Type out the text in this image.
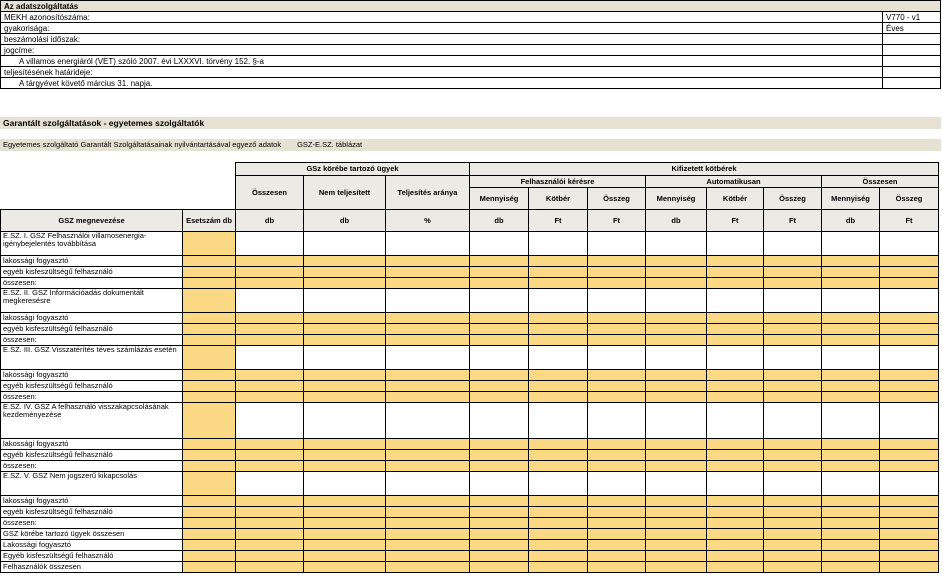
Az adatszolgáltatás	
MEKH azonosítószáma:	V770 - v1
gyakorisága:	Éves
beszámolási időszak:	
jogcíme:	
A villamos energiáról (VET) szóló 2007. évi LXXXVI. törvény 152. §-a	
teljesítésének határideje:	
A tárgyévet követő március 31. napja.	
Garantált szolgáltatások - egyetemes szolgáltatók
Egyetemes szolgáltató Garantált Szolgáltatásainak nyilvántartásával egyező adatok GSZ-E.SZ. táblázat
		GSz körébe tartozó ügyek			Kifizetett kötbérek							
		Összesen	Nem teljesített	Teljesítés aránya	Felhasználói kérésre			Automatikusan			Összesen	
					Mennyiség	Kötbér	Összeg	Mennyiség	Kötbér	Összeg	Mennyiség	Összeg
GSZ megnevezése	Esetszám db	db	db	%	db	Ft	Ft	db	Ft	Ft	db	Ft
E.SZ. I. GSZ Felhasználói villamosenergia-igénybejelentés továbbítása												
lakossági fogyasztó												
egyéb kisfeszültségű felhasználó												
összesen:												
E.SZ. II. GSZ Információadás dokumentált megkeresésre												
lakossági fogyasztó												
egyéb kisfeszültségű felhasználó												
összesen:												
E.SZ. III. GSZ Visszatérítés téves számlázás esetén												
lakossági fogyasztó												
egyéb kisfeszültségű felhasználó												
összesen:												
E.SZ. IV. GSZ A felhasználó visszakapcsolásának kezdeményezése												
lakossági fogyasztó												
egyéb kisfeszültségű felhasználó												
összesen:												
E.SZ. V. GSZ Nem jogszerű kikapcsolás												
lakossági fogyasztó												
egyéb kisfeszültségű felhasználó												
összesen:												
GSZ körébe tartozó ügyek összesen												
Lakossági fogyasztó												
Egyéb kisfeszültségű felhasználó												
Felhasználók összesen												
